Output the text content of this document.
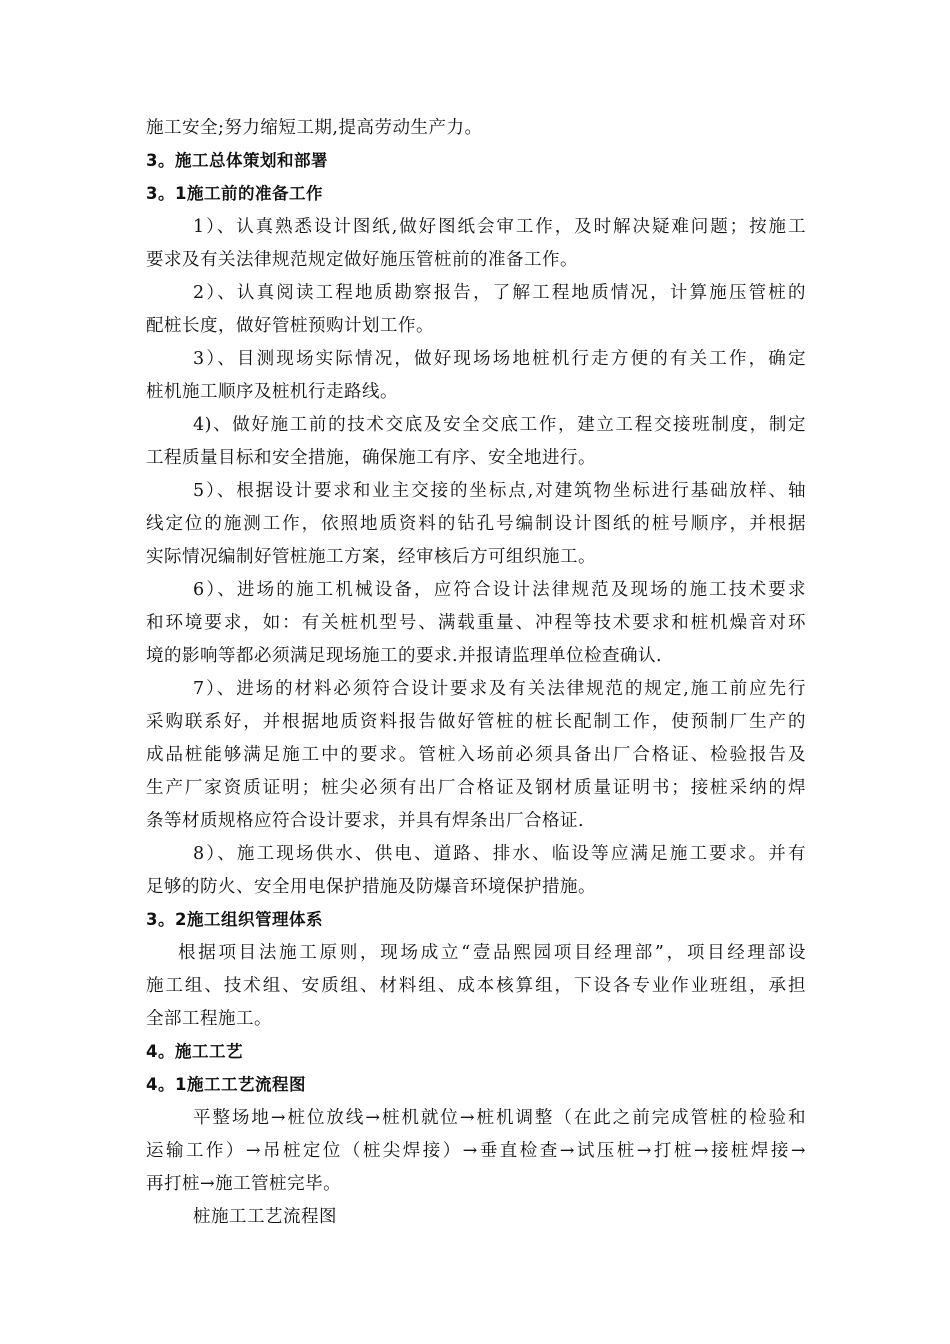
施工安全;努力缩短工期,提高劳动生产力。
3。施工总体策划和部署
3。1施工前的准备工作
1）、认真熟悉设计图纸,做好图纸会审工作，及时解决疑难问题；按施工
要求及有关法律规范规定做好施压管桩前的准备工作。
2）、认真阅读工程地质勘察报告，了解工程地质情况，计算施压管桩的
配桩长度，做好管桩预购计划工作。
3）、目测现场实际情况，做好现场场地桩机行走方便的有关工作，确定
桩机施工顺序及桩机行走路线。
4)、做好施工前的技术交底及安全交底工作，建立工程交接班制度，制定
工程质量目标和安全措施，确保施工有序、安全地进行。
5）、根据设计要求和业主交接的坐标点,对建筑物坐标进行基础放样、轴
线定位的施测工作，依照地质资料的钻孔号编制设计图纸的桩号顺序，并根据
实际情况编制好管桩施工方案，经审核后方可组织施工。
6）、进场的施工机械设备，应符合设计法律规范及现场的施工技术要求
和环境要求，如：有关桩机型号、满载重量、冲程等技术要求和桩机燥音对环
境的影响等都必须满足现场施工的要求.并报请监理单位检查确认.
7）、进场的材料必须符合设计要求及有关法律规范的规定,施工前应先行
采购联系好，并根据地质资料报告做好管桩的桩长配制工作，使预制厂生产的
成品桩能够满足施工中的要求。管桩入场前必须具备出厂合格证、检验报告及
生产厂家资质证明；桩尖必须有出厂合格证及钢材质量证明书；接桩采纳的焊
条等材质规格应符合设计要求，并具有焊条出厂合格证.
8）、施工现场供水、供电、道路、排水、临设等应满足施工要求。并有
足够的防火、安全用电保护措施及防爆音环境保护措施。
3。2施工组织管理体系
根据项目法施工原则，现场成立“壹品熙园项目经理部”，项目经理部设
施工组、技术组、安质组、材料组、成本核算组，下设各专业作业班组，承担
全部工程施工。
4。施工工艺
4。1施工工艺流程图
平整场地→桩位放线→桩机就位→桩机调整（在此之前完成管桩的检验和
运输工作）→吊桩定位（桩尖焊接）→垂直检查→试压桩→打桩→接桩焊接→
再打桩→施工管桩完毕。
桩施工工艺流程图
